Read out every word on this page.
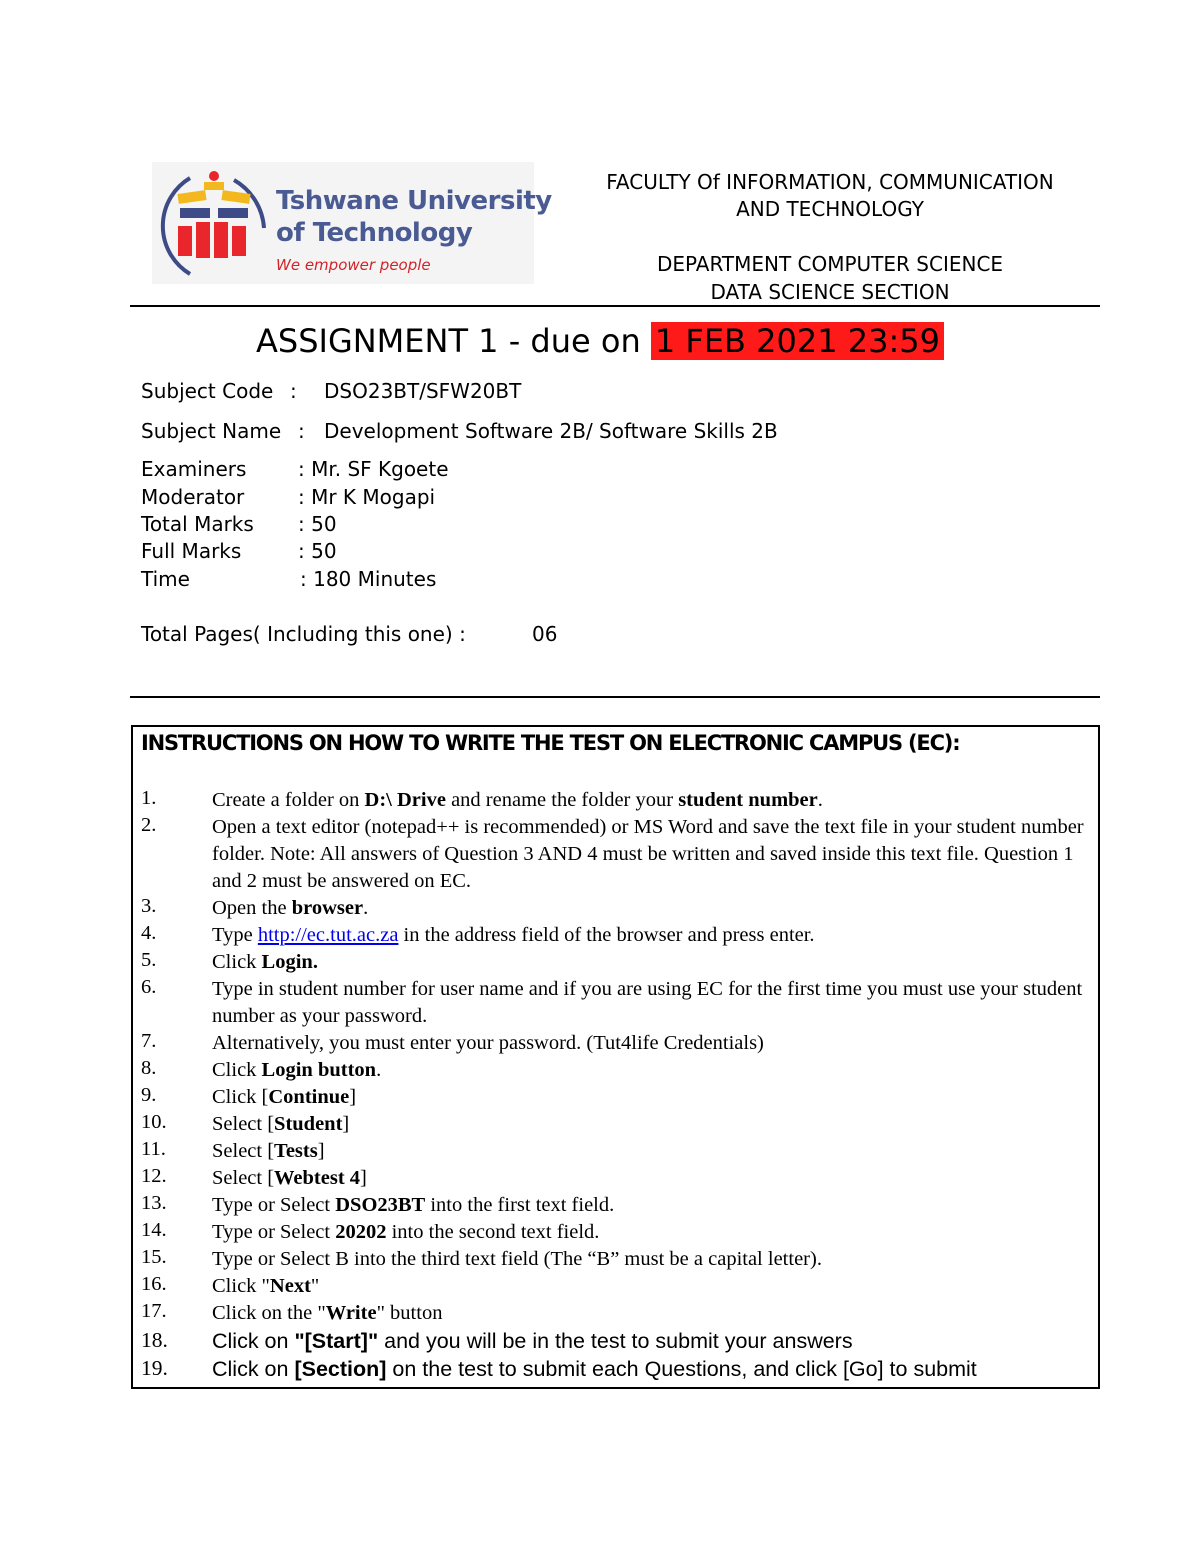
Tshwane University
of Technology
We empower people
FACULTY Of INFORMATION, COMMUNICATION
AND TECHNOLOGY
DEPARTMENT COMPUTER SCIENCE
DATA SCIENCE SECTION
ASSIGNMENT 1 - due on 1 FEB 2021 23:59
Subject Code : DSO23BT/SFW20BT
Subject Name : Development Software 2B/ Software Skills 2B
Examiners	: Mr. SF Kgoete
Moderator	: Mr K Mogapi
Total Marks : 50
Full Marks	: 50
Time	: 180 Minutes
Total Pages( Including this one) :	06
INSTRUCTIONS ON HOW TO WRITE THE TEST ON ELECTRONIC CAMPUS (EC):
1.	Create a folder on D:\ Drive and rename the folder your student number.
2.	Open a text editor (notepad++ is recommended) or MS Word and save the text file in your student number folder. Note: All answers of Question 3 AND 4 must be written and saved inside this text file. Question 1 and 2 must be answered on EC.
3.	Open the browser.
4.	Type http://ec.tut.ac.za in the address field of the browser and press enter.
5.	Click Login.
6.	Type in student number for user name and if you are using EC for the first time you must use your student number as your password.
7.	Alternatively, you must enter your password. (Tut4life Credentials)
8.	Click Login button.
9.	Click [Continue]
10. Select [Student]
11. Select [Tests]
12. Select [Webtest 4]
13. Type or Select DSO23BT into the first text field.
14. Type or Select 20202 into the second text field.
15. Type or Select B into the third text field (The “B” must be a capital letter).
16. Click "Next"
17. Click on the "Write" button
18. Click on "[Start]" and you will be in the test to submit your answers
19. Click on [Section] on the test to submit each Questions, and click [Go] to submit
